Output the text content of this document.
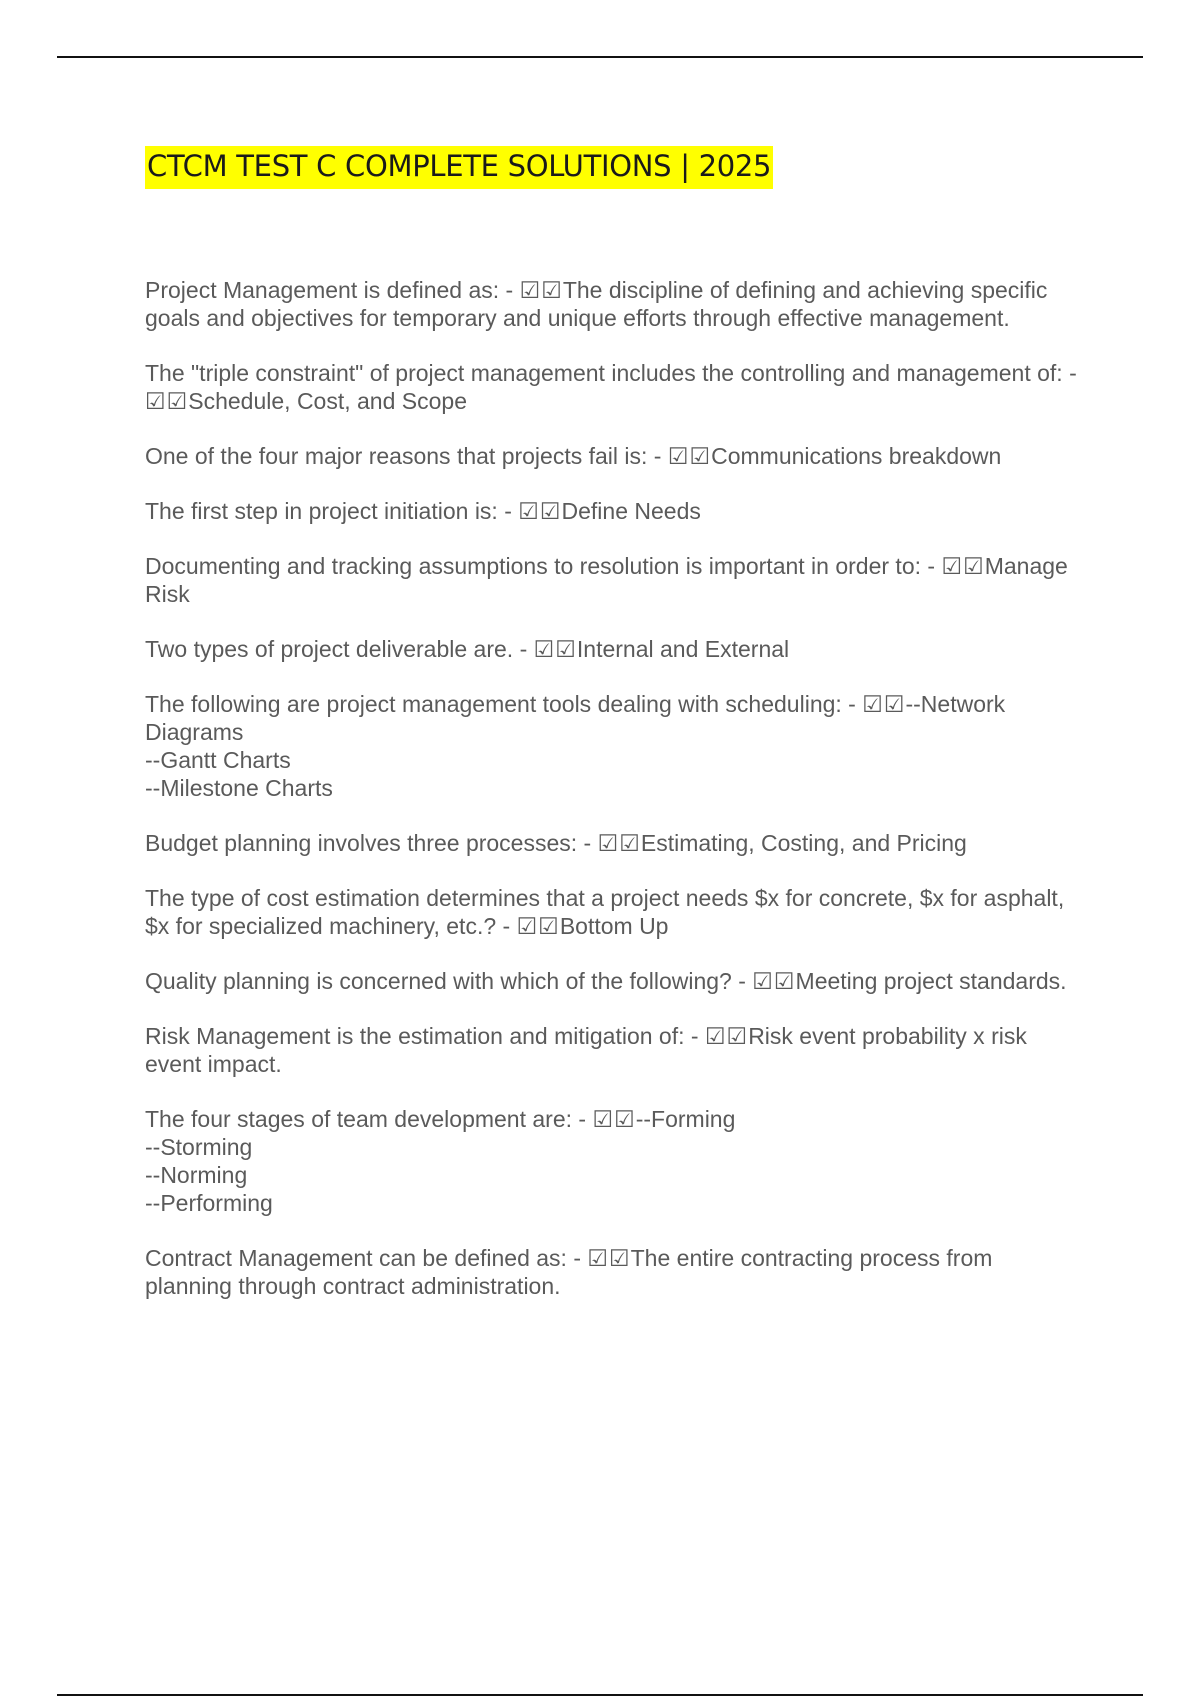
CTCM TEST C COMPLETE SOLUTIONS | 2025
Project Management is defined as: - ☑☑The discipline of defining and achieving specific goals and objectives for temporary and unique efforts through effective management.
The "triple constraint" of project management includes the controlling and management of: - ☑☑Schedule, Cost, and Scope
One of the four major reasons that projects fail is: - ☑☑Communications breakdown
The first step in project initiation is: - ☑☑Define Needs
Documenting and tracking assumptions to resolution is important in order to: - ☑☑Manage Risk
Two types of project deliverable are. - ☑☑Internal and External
The following are project management tools dealing with scheduling: - ☑☑--Network Diagrams
--Gantt Charts
--Milestone Charts
Budget planning involves three processes: - ☑☑Estimating, Costing, and Pricing
The type of cost estimation determines that a project needs $x for concrete, $x for asphalt, $x for specialized machinery, etc.? - ☑☑Bottom Up
Quality planning is concerned with which of the following? - ☑☑Meeting project standards.
Risk Management is the estimation and mitigation of: - ☑☑Risk event probability x risk event impact.
The four stages of team development are: - ☑☑--Forming
--Storming
--Norming
--Performing
Contract Management can be defined as: - ☑☑The entire contracting process from planning through contract administration.
